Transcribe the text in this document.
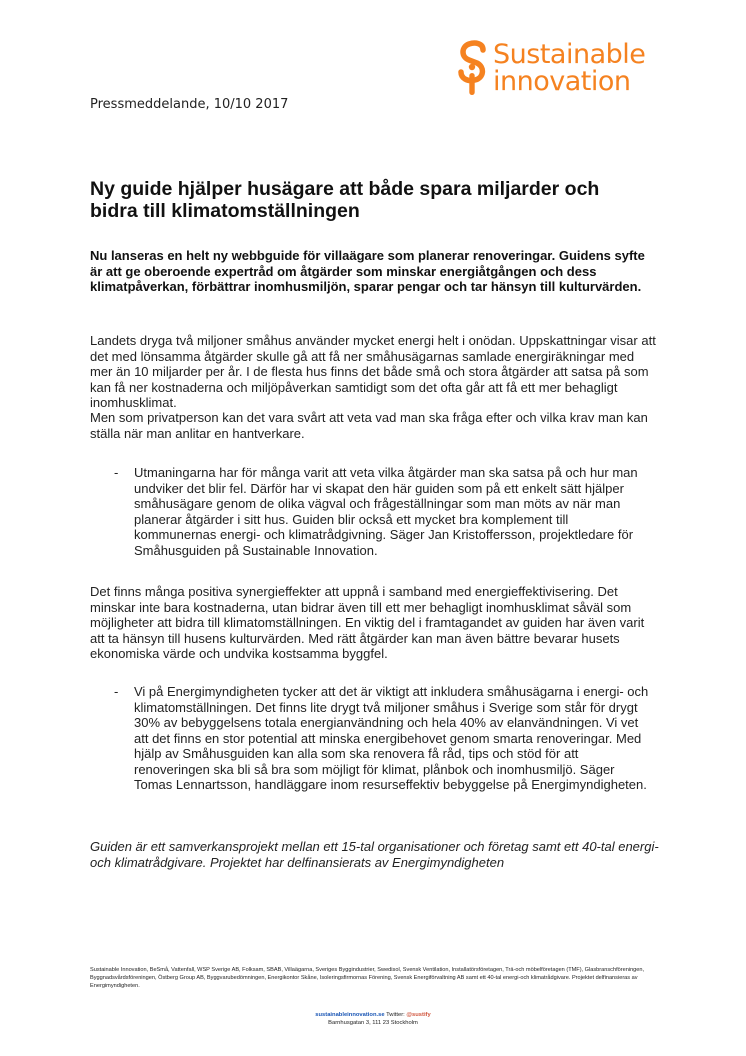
Sustainable
innovation
Pressmeddelande, 10/10 2017
Ny guide hjälper husägare att både spara miljarder och bidra till klimatomställningen

Nu lanseras en helt ny webbguide för villaägare som planerar renoveringar. Guidens syfte är att ge oberoende expertråd om åtgärder som minskar energiåtgången och dess klimatpåverkan, förbättrar inomhusmiljön, sparar pengar och tar hänsyn till kulturvärden.

Landets dryga två miljoner småhus använder mycket energi helt i onödan. Uppskattningar visar att det med lönsamma åtgärder skulle gå att få ner småhusägarnas samlade energiräkningar med mer än 10 miljarder per år. I de flesta hus finns det både små och stora åtgärder att satsa på som kan få ner kostnaderna och miljöpåverkan samtidigt som det ofta går att få ett mer behagligt inomhusklimat.

Men som privatperson kan det vara svårt att veta vad man ska fråga efter och vilka krav man kan ställa när man anlitar en hantverkare.

-	Utmaningarna har för många varit att veta vilka åtgärder man ska satsa på och hur man undviker det blir fel. Därför har vi skapat den här guiden som på ett enkelt sätt hjälper småhusägare genom de olika vägval och frågeställningar som man möts av när man planerar åtgärder i sitt hus. Guiden blir också ett mycket bra komplement till kommunernas energi- och klimatrådgivning. Säger Jan Kristoffersson, projektledare för Småhusguiden på Sustainable Innovation.

Det finns många positiva synergieffekter att uppnå i samband med energieffektivisering. Det minskar inte bara kostnaderna, utan bidrar även till ett mer behagligt inomhusklimat såväl som möjligheter att bidra till klimatomställningen. En viktig del i framtagandet av guiden har även varit att ta hänsyn till husens kulturvärden. Med rätt åtgärder kan man även bättre bevarar husets ekonomiska värde och undvika kostsamma byggfel.

-	Vi på Energimyndigheten tycker att det är viktigt att inkludera småhusägarna i energi- och klimatomställningen. Det finns lite drygt två miljoner småhus i Sverige som står för drygt 30% av bebyggelsens totala energianvändning och hela 40% av elanvändningen. Vi vet att det finns en stor potential att minska energibehovet genom smarta renoveringar. Med hjälp av Småhusguiden kan alla som ska renovera få råd, tips och stöd för att renoveringen ska bli så bra som möjligt för klimat, plånbok och inomhusmiljö. Säger Tomas Lennartsson, handläggare inom resurseffektiv bebyggelse på Energimyndigheten.

Guiden är ett samverkansprojekt mellan ett 15-tal organisationer och företag samt ett 40-tal energi- och klimatrådgivare. Projektet har delfinansierats av Energimyndigheten

Sustainable Innovation, BeSmå, Vattenfall, WSP Sverige AB, Folksam, SBAB, Villaägarna, Sveriges Byggindustrier, Swedisol, Svensk Ventilation, Installatörsföretagen, Trä-och möbelföretagen (TMF), Glasbranschföreningen, Byggnadsvårdsföreningen, Östberg Group AB, Byggvarubedömningen, Energikontor Skåne, Isoleringsfirmornas Förening, Svensk Energiförvaltning AB samt ett 40-tal energi-och klimatrådgivare. Projektet delfinansieras av Energimyndigheten.

sustainableinnovation.se Twitter: @sustify
Barnhusgatan 3, 111 23 Stockholm
